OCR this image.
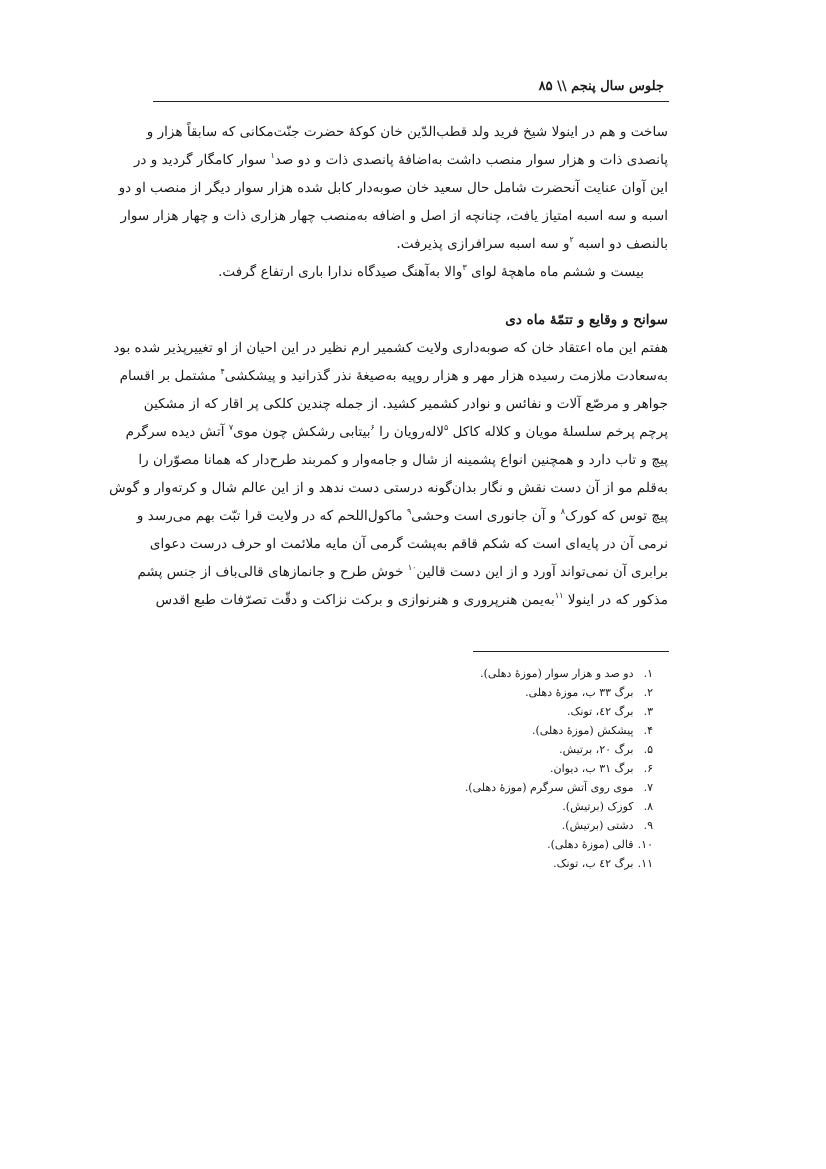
جلوس سال پنجم \\ ۸۵
ساخت و هم در اینولا شیخ فرید ولد قطب‌الدّین خان کوکهٔ حضرت جنّت‌مکانی که سابقاً هزار و
پانصدی ذات و هزار سوار منصب داشت به‌اضافهٔ پانصدی ذات و دو صد$^۱$ سوار کامگار گردید و در
این آوان عنایت آنحضرت شامل حال سعید خان صوبه‌دار کابل شده هزار سوار دیگر از منصب او دو
اسبه و سه اسبه امتیاز یافت، چنانچه از اصل و اضافه به‌منصب چهار هزاری ذات و چهار هزار سوار
بالنصف دو اسبه $^۲$و سه اسبه سرافرازی پذیرفت.
بیست و ششم ماه ماهچهٔ لوای $^۳$والا به‌آهنگ صیدگاه ندارا باری ارتفاع گرفت.
سوانح و وقایع و تتمّهٔ ماه دی
هفتم این ماه اعتقاد خان که صوبه‌داری ولایت کشمیر ارم نظیر در این احیان از او تغییرپذیر شده بود
به‌سعادت ملازمت رسیده هزار مهر و هزار روپیه به‌صیغهٔ نذر گذرانید و پیشکشی$^۴$ مشتمل بر اقسام
جواهر و مرصّع آلات و نفائس و نوادر کشمیر کشید. از جمله چندین کلکی پر اقار که از مشکین
پرچم پرخم سلسلهٔ مویان و کلاله کاکل $^۵$لاله‌رویان را $^۶$بیتابی رشکش چون موی$^۷$ آتش دیده سرگرم
پیچ و تاب دارد و همچنین انواع پشمینه از شال و جامه‌وار و کمربند طرح‌دار که همانا مصوّران را
به‌قلم مو از آن دست نقش و نگار بدان‌گونه درستی دست ندهد و از این عالم شال و کرته‌وار و گوش
پیچ توس که کورک$^۸$ و آن جانوری است وحشی$^۹$ ماکول‌اللحم که در ولایت قرا تبّت بهم می‌رسد و
نرمی آن در پایه‌ای است که شکم قاقم به‌پشت گرمی آن مایه ملائمت او حرف درست دعوای
برابری آن نمی‌تواند آورد و از این دست قالین$^{۱۰}$ خوش طرح و جانمازهای قالی‌باف از جنس پشم
مذکور که در اینولا $^{۱۱}$به‌یمن هنرپروری و هنرنوازی و برکت نزاکت و دقّت تصرّفات طبع اقدس
۱. دو صد و هزار سوار (موزهٔ دهلی).
۲. برگ ۳۳ ب، موزهٔ دهلی.
۳. برگ ٤۲، تونک.
۴. پیشکش (موزهٔ دهلی).
۵. برگ ۲۰، برتیش.
۶. برگ ۳۱ ب، دیوان.
۷. موی روی آتش سرگرم (موزهٔ دهلی).
۸. کوزک (برتیش).
۹. دشتی (برتیش).
۱۰. قالی (موزهٔ دهلی).
۱۱. برگ ٤۲ ب، تونک.
